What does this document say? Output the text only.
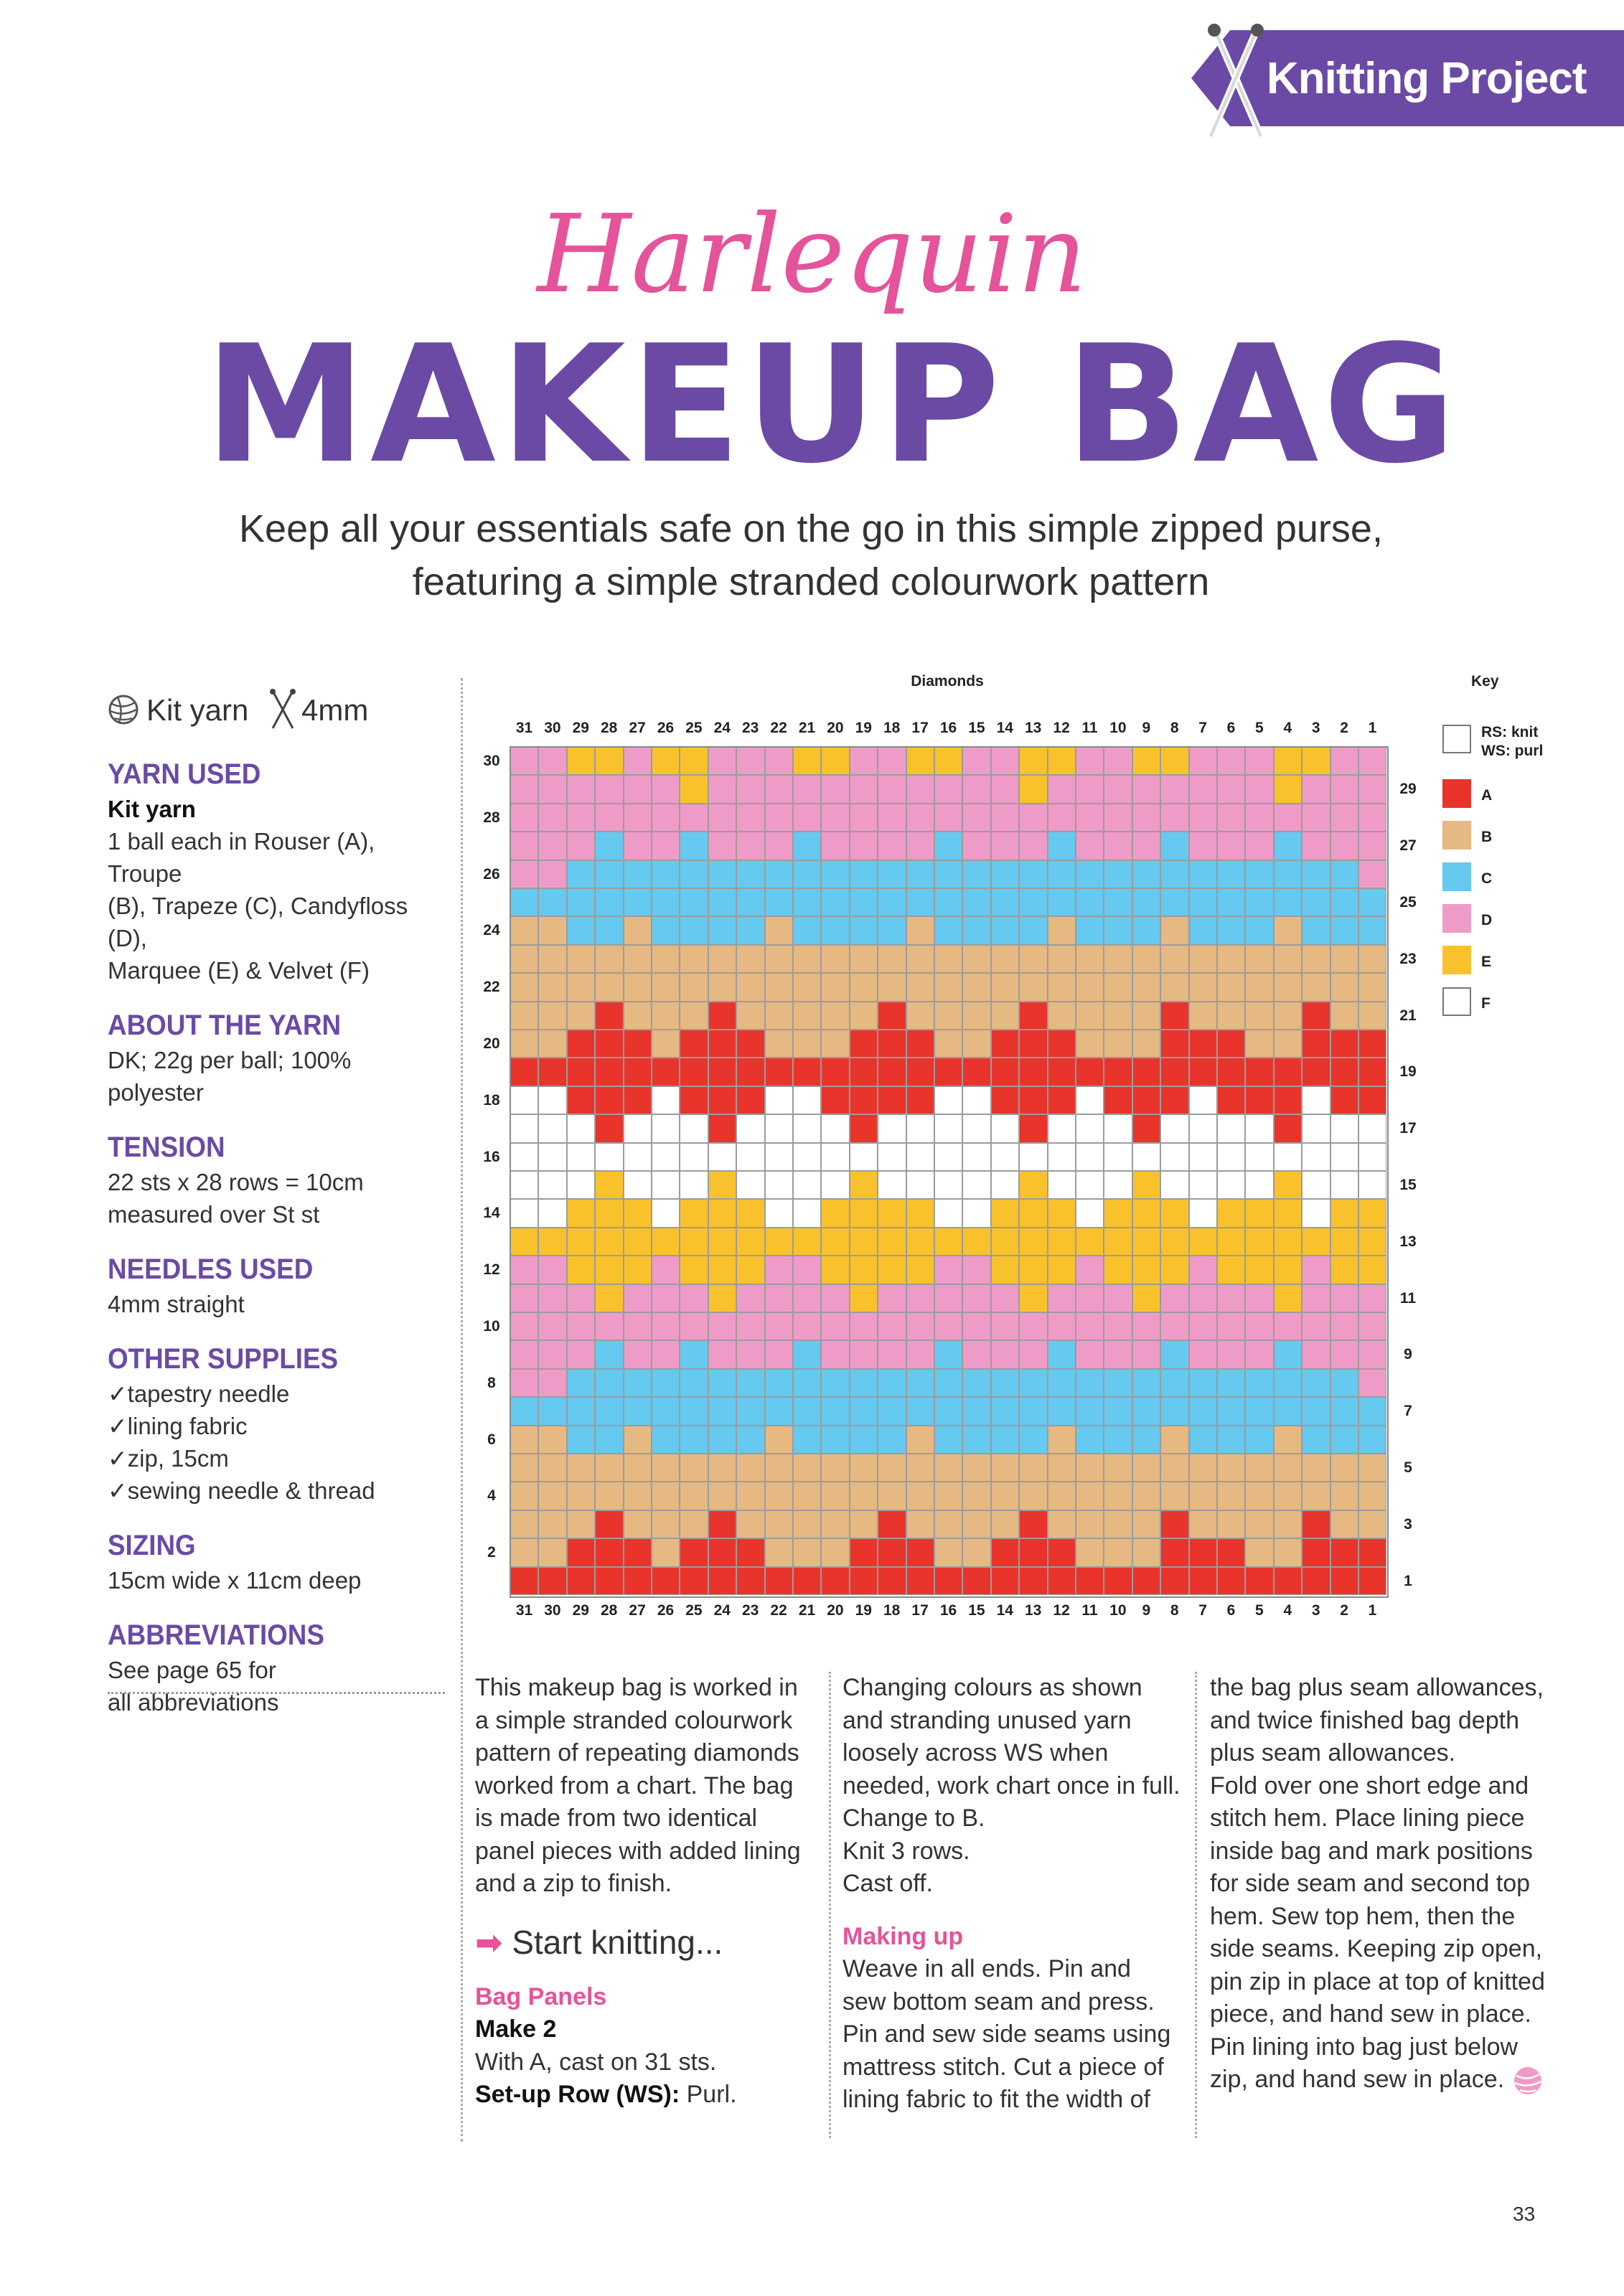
Knitting Project
Harlequin
MAKEUP BAG
Keep all your essentials safe on the go in this simple zipped purse,
featuring a simple stranded colourwork pattern
Kit yarn 4mm
YARN USED

Kit yarn

1 ball each in Rouser (A), Troupe

(B), Trapeze (C), Candyfloss (D),

Marquee (E) & Velvet (F)

ABOUT THE YARN

DK; 22g per ball; 100% polyester

TENSION

22 sts x 28 rows = 10cm

measured over St st

NEEDLES USED

4mm straight

OTHER SUPPLIES
✓tapestry needle
✓lining fabric
✓zip, 15cm
✓sewing needle & thread
SIZING

15cm wide x 11cm deep

ABBREVIATIONS

See page 65 for

all abbreviations

Diamonds	Key
31
31
30
30
29
29
28
28
27
27
26
26
25
25
24
24
23
23
22
22
21
21
20
20
19
19
18
18
17
17
16
16
15
15
14
14
13
13
12
12
11
11
10
10
9
9
8
8
7
7
6
6
5
5
4
4
3
3
2
2
1
1
30
29
28
27
26
25
24
23
22
21
20
19
18
17
16
15
14
13
12
11
10
9
8
7
6
5
4
3
2
1
RS: knit
WS: purl
A
B
C
D
E
F

This makeup bag is worked in

a simple stranded colourwork

pattern of repeating diamonds

worked from a chart. The bag

is made from two identical

panel pieces with added lining

and a zip to finish.

➡ Start knitting...

Bag Panels

Make 2

With A, cast on 31 sts.

Set-up Row (WS): Purl.

Changing colours as shown

and stranding unused yarn

loosely across WS when

needed, work chart once in full.

Change to B.

Knit 3 rows.

Cast off.

Making up

Weave in all ends. Pin and

sew bottom seam and press.

Pin and sew side seams using

mattress stitch. Cut a piece of

lining fabric to fit the width of

the bag plus seam allowances,

and twice finished bag depth

plus seam allowances.

Fold over one short edge and

stitch hem. Place lining piece

inside bag and mark positions

for side seam and second top

hem. Sew top hem, then the

side seams. Keeping zip open,

pin zip in place at top of knitted

piece, and hand sew in place.

Pin lining into bag just below

zip, and hand sew in place.

33
